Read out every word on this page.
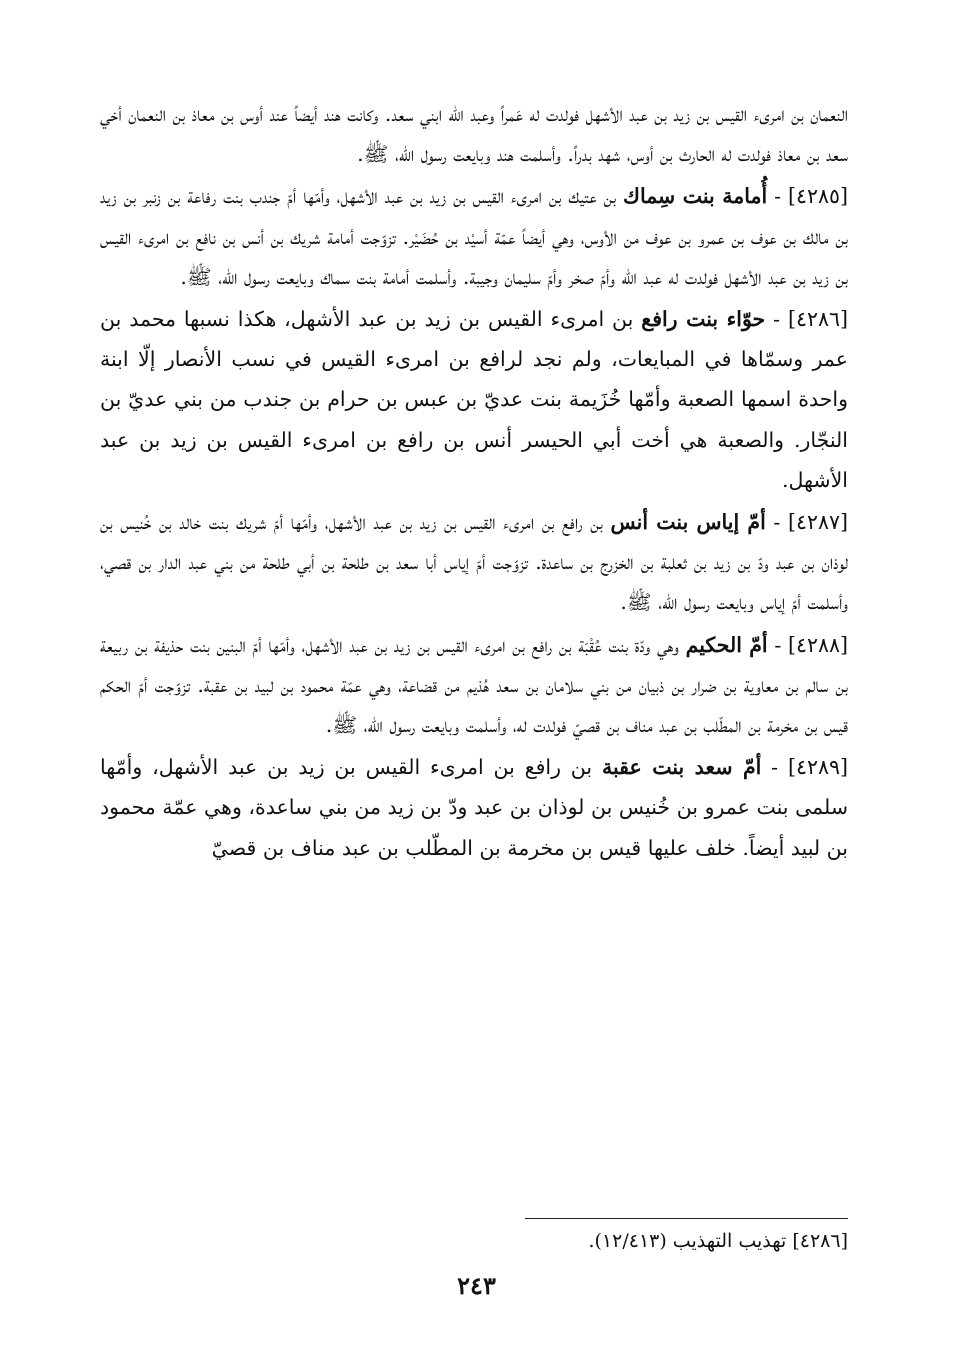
النعمان بن امرىء القيس بن زيد بن عبد الأشهل فولدت له عَمراً وعبد الله ابني سعد. وكانت هند أيضاً عند أوس بن معاذ بن النعمان أخي سعد بن معاذ فولدت له الحارث بن أوس، شهد بدراً. وأسلمت هند وبايعت رسول الله، ﷺ.

[٤٢٨٥] - أُمامة بنت سِماك بن عتيك بن امرىء القيس بن زيد بن عبد الأشهل، وأمّها أمّ جندب بنت رفاعة بن زنبر بن زيد بن مالك بن عوف بن عمرو بن عوف من الأوس، وهي أيضاً عمّة أسيْد بن حُضَيْر. تزوّجت أمامة شريك بن أنس بن نافع بن امرىء القيس بن زيد بن عبد الأشهل فولدت له عبد الله وأمّ صخر وأمّ سليمان وجيبة. وأسلمت أمامة بنت سماك وبايعت رسول الله، ﷺ.

[٤٢٨٦] - حوّاء بنت رافع بن امرىء القيس بن زيد بن عبد الأشهل، هكذا نسبها محمد بن عمر وسمّاها في المبايعات، ولم نجد لرافع بن امرىء القيس في نسب الأنصار إلّا ابنة واحدة اسمها الصعبة وأمّها خُزَيمة بنت عديّ بن عبس بن حرام بن جندب من بني عديّ بن النجّار. والصعبة هي أخت أبي الحيسر أنس بن رافع بن امرىء القيس بن زيد بن عبد الأشهل.

[٤٢٨٧] - أمّ إياس بنت أنس بن رافع بن امرىء القيس بن زيد بن عبد الأشهل، وأمّها أمّ شريك بنت خالد بن خُنيس بن لوذان بن عبد ودّ بن زيد بن ثعلبة بن الخزرج بن ساعدة. تزوّجت أمّ إياس أبا سعد بن طلحة بن أبي طلحة من بني عبد الدار بن قصي، وأسلمت أمّ إياس وبايعت رسول الله، ﷺ.

[٤٢٨٨] - أمّ الحكيم وهي ودّة بنت عُقْبَة بن رافع بن امرىء القيس بن زيد بن عبد الأشهل، وأمّها أمّ البنين بنت حذيفة بن ربيعة بن سالم بن معاوية بن ضرار بن ذبيان من بني سلامان بن سعد هُذيم من قضاعة، وهي عمّة محمود بن لبيد بن عقبة. تزوّجت أمّ الحكم قيس بن مخرمة بن المطّلب بن عبد مناف بن قصيّ فولدت له، وأسلمت وبايعت رسول الله، ﷺ.

[٤٢٨٩] - أمّ سعد بنت عقبة بن رافع بن امرىء القيس بن زيد بن عبد الأشهل، وأمّها سلمى بنت عمرو بن خُنيس بن لوذان بن عبد ودّ بن زيد من بني ساعدة، وهي عمّة محمود بن لبيد أيضاً. خلف عليها قيس بن مخرمة بن المطّلب بن عبد مناف بن قصيّ

[٤٢٨٦] تهذيب التهذيب (١٢/٤١٣).
٢٤٣
